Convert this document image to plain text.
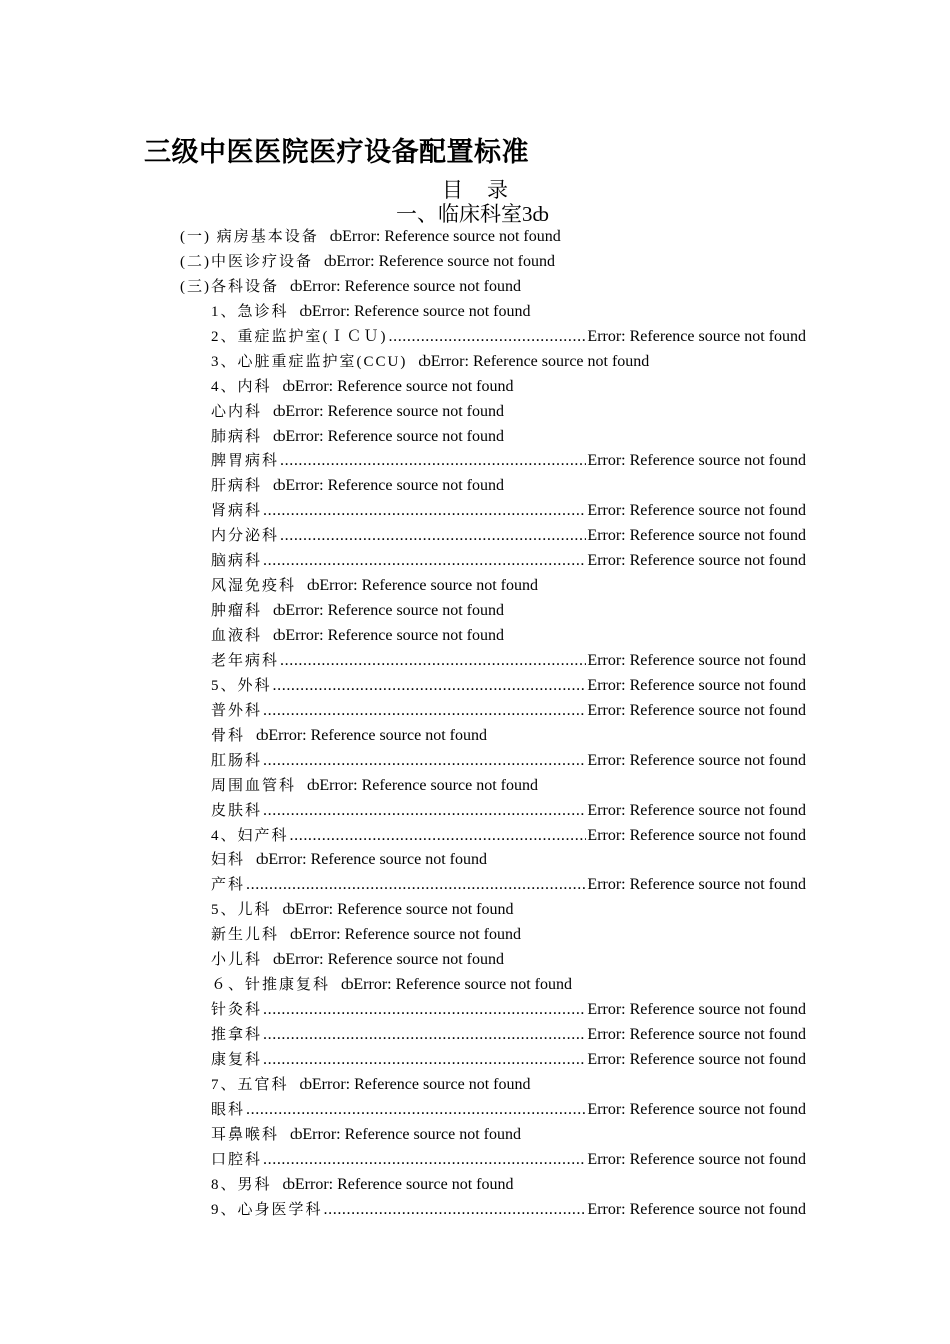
三级中医医院医疗设备配置标准
目录
一、临床科室3ȸ
(一) 病房基本设备 ȸ Error: Reference source not found
(二)中医诊疗设备 ȸ Error: Reference source not found
(三)各科设备 ȸ Error: Reference source not found
1、急诊科 ȸ Error: Reference source not found
2、重症监护室(ＩＣＵ) .....	Error: Reference source not found
3、心脏重症监护室(CCU) ȸ Error: Reference source not found
4、内科 ȸ Error: Reference source not found
心内科 ȸ Error: Reference source not found
肺病科 ȸ Error: Reference source not found
脾胃病科 .....	Error: Reference source not found
肝病科 ȸ Error: Reference source not found
肾病科 .....	Error: Reference source not found
内分泌科 .....	Error: Reference source not found
脑病科 .....	Error: Reference source not found
风湿免疫科 ȸ Error: Reference source not found
肿瘤科 ȸ Error: Reference source not found
血液科 ȸ Error: Reference source not found
老年病科 .....	Error: Reference source not found
5、外科 .....	Error: Reference source not found
普外科 .....	Error: Reference source not found
骨科 ȸ Error: Reference source not found
肛肠科 .....	Error: Reference source not found
周围血管科 ȸ Error: Reference source not found
皮肤科 .....	Error: Reference source not found
4、妇产科 .....	Error: Reference source not found
妇科 ȸ Error: Reference source not found
产科 .....	Error: Reference source not found
5、儿科 ȸ Error: Reference source not found
新生儿科 ȸ Error: Reference source not found
小儿科 ȸ Error: Reference source not found
６、针推康复科 ȸ Error: Reference source not found
针灸科 .....	Error: Reference source not found
推拿科 .....	Error: Reference source not found
康复科 .....	Error: Reference source not found
7、五官科 ȸ Error: Reference source not found
眼科 .....	Error: Reference source not found
耳鼻喉科 ȸ Error: Reference source not found
口腔科 .....	Error: Reference source not found
8、男科 ȸ Error: Reference source not found
9、心身医学科 .....	Error: Reference source not found
